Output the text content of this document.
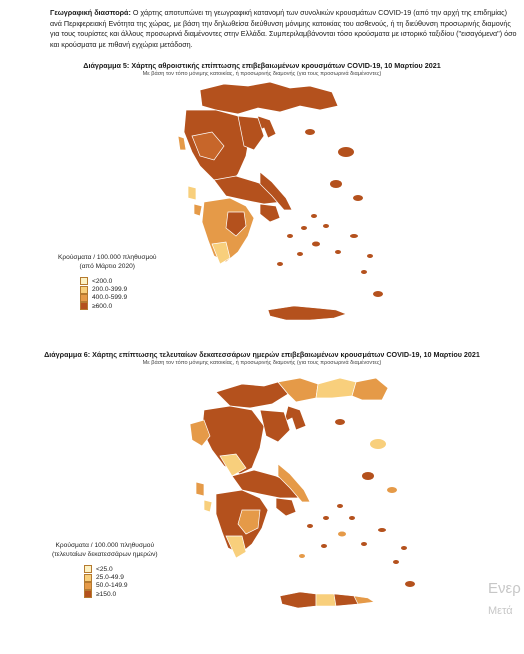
Γεωγραφική διασπορά: Ο χάρτης αποτυπώνει τη γεωγραφική κατανομή των συνολικών κρουσμάτων COVID-19 (από την αρχή της επιδημίας) ανά Περιφερειακή Ενότητα της χώρας, με βάση την δηλωθείσα διεύθυνση μόνιμης κατοικίας του ασθενούς, ή τη διεύθυνση προσωρινής διαμονής για τους τουρίστες και άλλους προσωρινά διαμένοντες στην Ελλάδα. Συμπεριλαμβάνονται τόσο κρούσματα με ιστορικό ταξιδίου ("εισαγόμενα") όσο και κρούσματα με πιθανή εγχώρια μετάδοση.
Διάγραμμα 5: Χάρτης αθροιστικής επίπτωσης επιβεβαιωμένων κρουσμάτων COVID-19, 10 Μαρτίου 2021
Με βάση τον τόπο μόνιμης κατοικίας, ή προσωρινής διαμονής (για τους προσωρινά διαμένοντες)
Κρούσματα / 100.000 πληθυσμού
(από Μάρτιο 2020)
<200.0
200.0-399.9
400.0-599.9
≥600.0
Διάγραμμα 6: Χάρτης επίπτωσης τελευταίων δεκατεσσάρων ημερών επιβεβαιωμένων κρουσμάτων COVID-19, 10 Μαρτίου 2021
Με βάση τον τόπο μόνιμης κατοικίας, ή προσωρινής διαμονής (για τους προσωρινά διαμένοντες)
Κρούσματα / 100.000 πληθυσμού
(τελευταίων δεκατεσσάρων ημερών)
<25.0
25.0-49.9
50.0-149.9
≥150.0	Ενερ
Μετά
